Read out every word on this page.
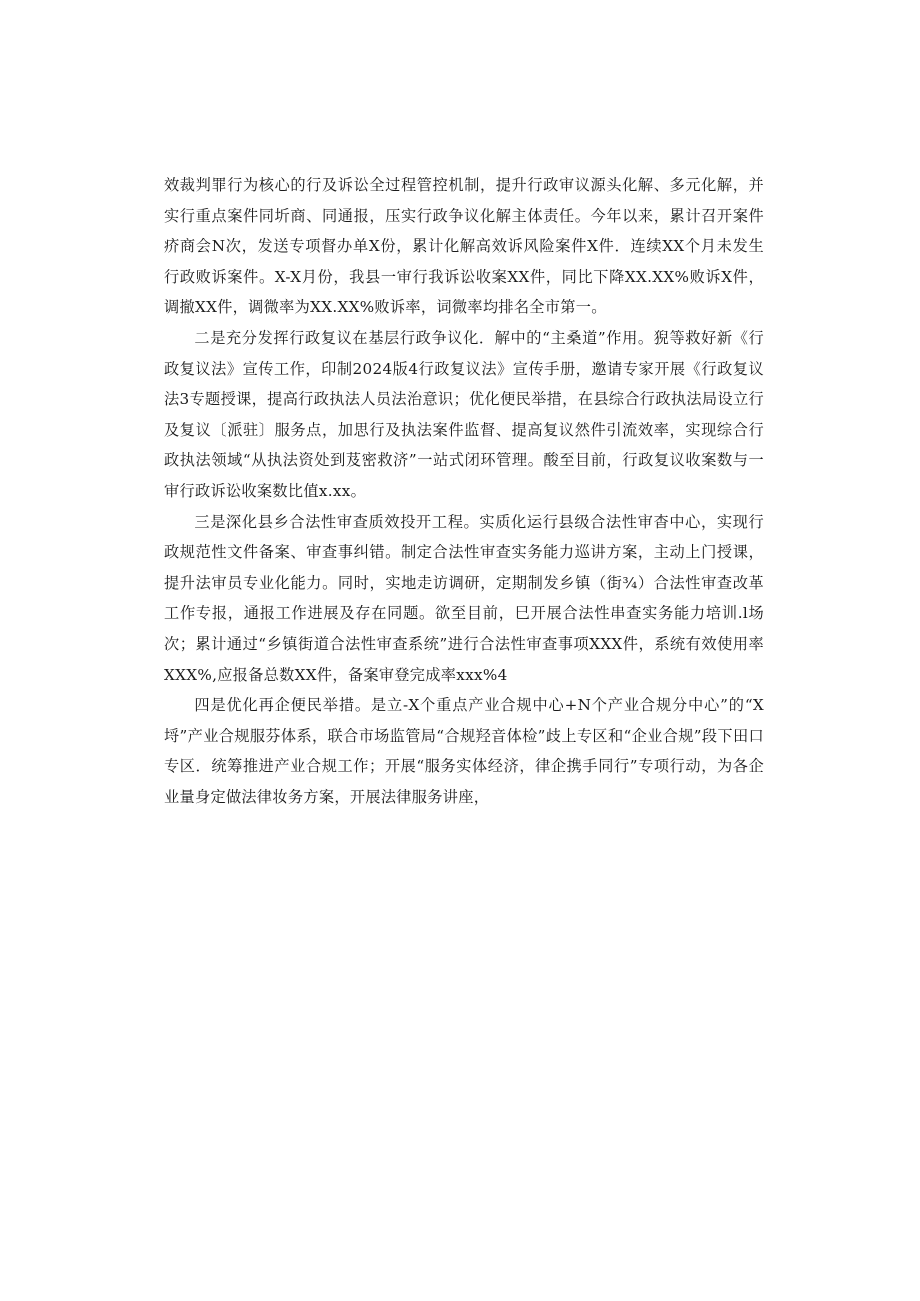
效裁判罪行为核心的行及诉讼全过程管控机制，提升行政审议源头化解、多元化解，并实行重点案件同圻商、同通报，压实行政争议化解主体责任。今年以来，累计召开案件疥商会N次，发送专项督办单X份，累计化解高效诉风险案件X件．连续XX个月未发生行政败诉案件。X-X月份，我县一审行我诉讼收案XX件，同比下降XX.XX%败诉X件，调撤XX件，调微率为XX.XX%败诉率，词微率均排名全市第一。

二是充分发挥行政复议在基层行政争议化．解中的“主桑道”作用。猊等救好新《行政复议法》宣传工作，印制2024版4行政复议法》宣传手册，邀请专家开展《行政复议法3专题授课，提高行政执法人员法治意识；优化便民举措，在县综合行政执法局设立行及复议〔派驻〕服务点，加思行及执法案件监督、提高复议然件引流效率，实现综合行政执法领域“从执法资处到芨密救济”一站式闭环管理。酸至目前，行政复议收案数与一审行政诉讼收案数比值x.xx。

三是深化县乡合法性审查质效投开工程。实质化运行县级合法性审杳中心，实现行政规范性文件备案、审查事纠错。制定合法性审查实务能力巡讲方案，主动上门授课，提升法审员专业化能力。同时，实地走访调研，定期制发乡镇（街¾）合法性审查改革工作专报，通报工作进展及存在同题。欲至目前，巳开展合法性串查实务能力培训.l场次；累计通过“乡镇街道合法性审查系统”进行合法性审查事项XXX件，系统有效使用率XXX%,应报备总数XX件，备案审登完成率xxx%4

四是优化再企便民举措。是立-X个重点产业合规中心+N个产业合规分中心”的“X埒”产业合规服芬体系，联合市场监管局“合规羟音体检”歧上专区和“企业合规”段下田口专区．统筹推进产业合规工作；开展“服务实体经济，律企携手同行”专项行动，为各企业量身定做法律妆务方案，开展法律服务讲座，
